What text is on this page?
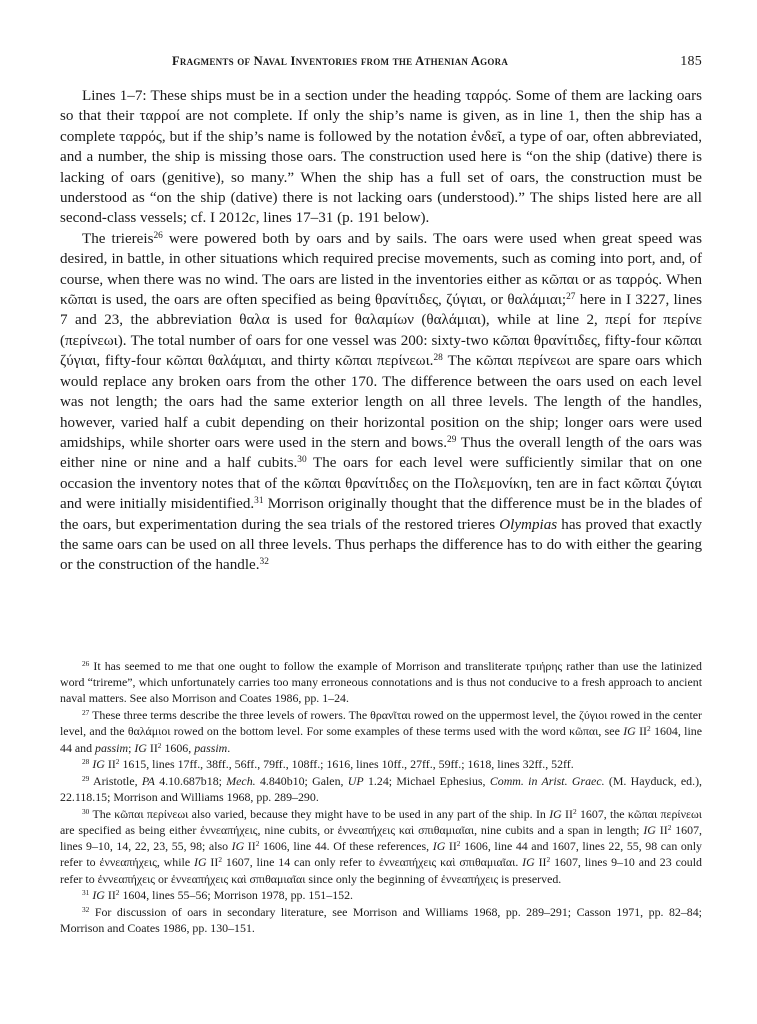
Fragments of Naval Inventories from the Athenian Agora	185

Lines 1–7: These ships must be in a section under the heading ταρρός. Some of them are lacking oars so that their ταρροί are not complete. If only the ship’s name is given, as in line 1, then the ship has a complete ταρρός, but if the ship’s name is followed by the notation ἐνδεῖ, a type of oar, often abbreviated, and a number, the ship is missing those oars. The construction used here is “on the ship (dative) there is lacking of oars (genitive), so many.” When the ship has a full set of oars, the construction must be understood as “on the ship (dative) there is not lacking oars (understood).” The ships listed here are all second-class vessels; cf. I 2012c, lines 17–31 (p. 191 below).

The triereis$^{26}$ were powered both by oars and by sails. The oars were used when great speed was desired, in battle, in other situations which required precise movements, such as coming into port, and, of course, when there was no wind. The oars are listed in the inventories either as κῶπαι or as ταρρός. When κῶπαι is used, the oars are often specified as being θρανίτιδες, ζύγιαι, or θαλάμιαι;$^{27}$ here in I 3227, lines 7 and 23, the abbreviation θαλα is used for θαλαμίων (θαλάμιαι), while at line 2, περί for περίνε (περίνεωι). The total number of oars for one vessel was 200: sixty-two κῶπαι θρανίτιδες, fifty-four κῶπαι ζύγιαι, fifty-four κῶπαι θαλάμιαι, and thirty κῶπαι περίνεωι.$^{28}$ The κῶπαι περίνεωι are spare oars which would replace any broken oars from the other 170. The difference between the oars used on each level was not length; the oars had the same exterior length on all three levels. The length of the handles, however, varied half a cubit depending on their horizontal position on the ship; longer oars were used amidships, while shorter oars were used in the stern and bows.$^{29}$ Thus the overall length of the oars was either nine or nine and a half cubits.$^{30}$ The oars for each level were sufficiently similar that on one occasion the inventory notes that of the κῶπαι θρανίτιδες on the Πολεμονίκη, ten are in fact κῶπαι ζύγιαι and were initially misidentified.$^{31}$ Morrison originally thought that the difference must be in the blades of the oars, but experimentation during the sea trials of the restored trieres Olympias has proved that exactly the same oars can be used on all three levels. Thus perhaps the difference has to do with either the gearing or the construction of the handle.$^{32}$

$^{26}$ It has seemed to me that one ought to follow the example of Morrison and transliterate τριήρης rather than use the latinized word “trireme”, which unfortunately carries too many erroneous connotations and is thus not conducive to a fresh approach to ancient naval matters. See also Morrison and Coates 1986, pp. 1–24.

$^{27}$ These three terms describe the three levels of rowers. The θρανῖται rowed on the uppermost level, the ζύγιοι rowed in the center level, and the θαλάμιοι rowed on the bottom level. For some examples of these terms used with the word κῶπαι, see IG $II^2$ 1604, line 44 and passim; IG $II^2$ 1606, passim.

$^{28}$ IG $II^2$ 1615, lines 17ff., 38ff., 56ff., 79ff., 108ff.; 1616, lines 10ff., 27ff., 59ff.; 1618, lines 32ff., 52ff.

$^{29}$ Aristotle, PA 4.10.687b18; Mech. 4.840b10; Galen, UP 1.24; Michael Ephesius, Comm. in Arist. Graec. (M. Hayduck, ed.), 22.118.15; Morrison and Williams 1968, pp. 289–290.

$^{30}$ The κῶπαι περίνεωι also varied, because they might have to be used in any part of the ship. In IG $II^2$ 1607, the κῶπαι περίνεωι are specified as being either ἐννεαπήχεις, nine cubits, or ἐννεαπήχεις καὶ σπιθαμιαῖαι, nine cubits and a span in length; IG $II^2$ 1607, lines 9–10, 14, 22, 23, 55, 98; also IG $II^2$ 1606, line 44. Of these references, IG $II^2$ 1606, line 44 and 1607, lines 22, 55, 98 can only refer to ἐννεαπήχεις, while IG $II^2$ 1607, line 14 can only refer to ἐννεαπήχεις καὶ σπιθαμιαῖαι. IG $II^2$ 1607, lines 9–10 and 23 could refer to ἐννεαπήχεις or ἐννεαπήχεις καὶ σπιθαμιαῖαι since only the beginning of ἐννεαπήχεις is preserved.

$^{31}$ IG $II^2$ 1604, lines 55–56; Morrison 1978, pp. 151–152.

$^{32}$ For discussion of oars in secondary literature, see Morrison and Williams 1968, pp. 289–291; Casson 1971, pp. 82–84; Morrison and Coates 1986, pp. 130–151.
